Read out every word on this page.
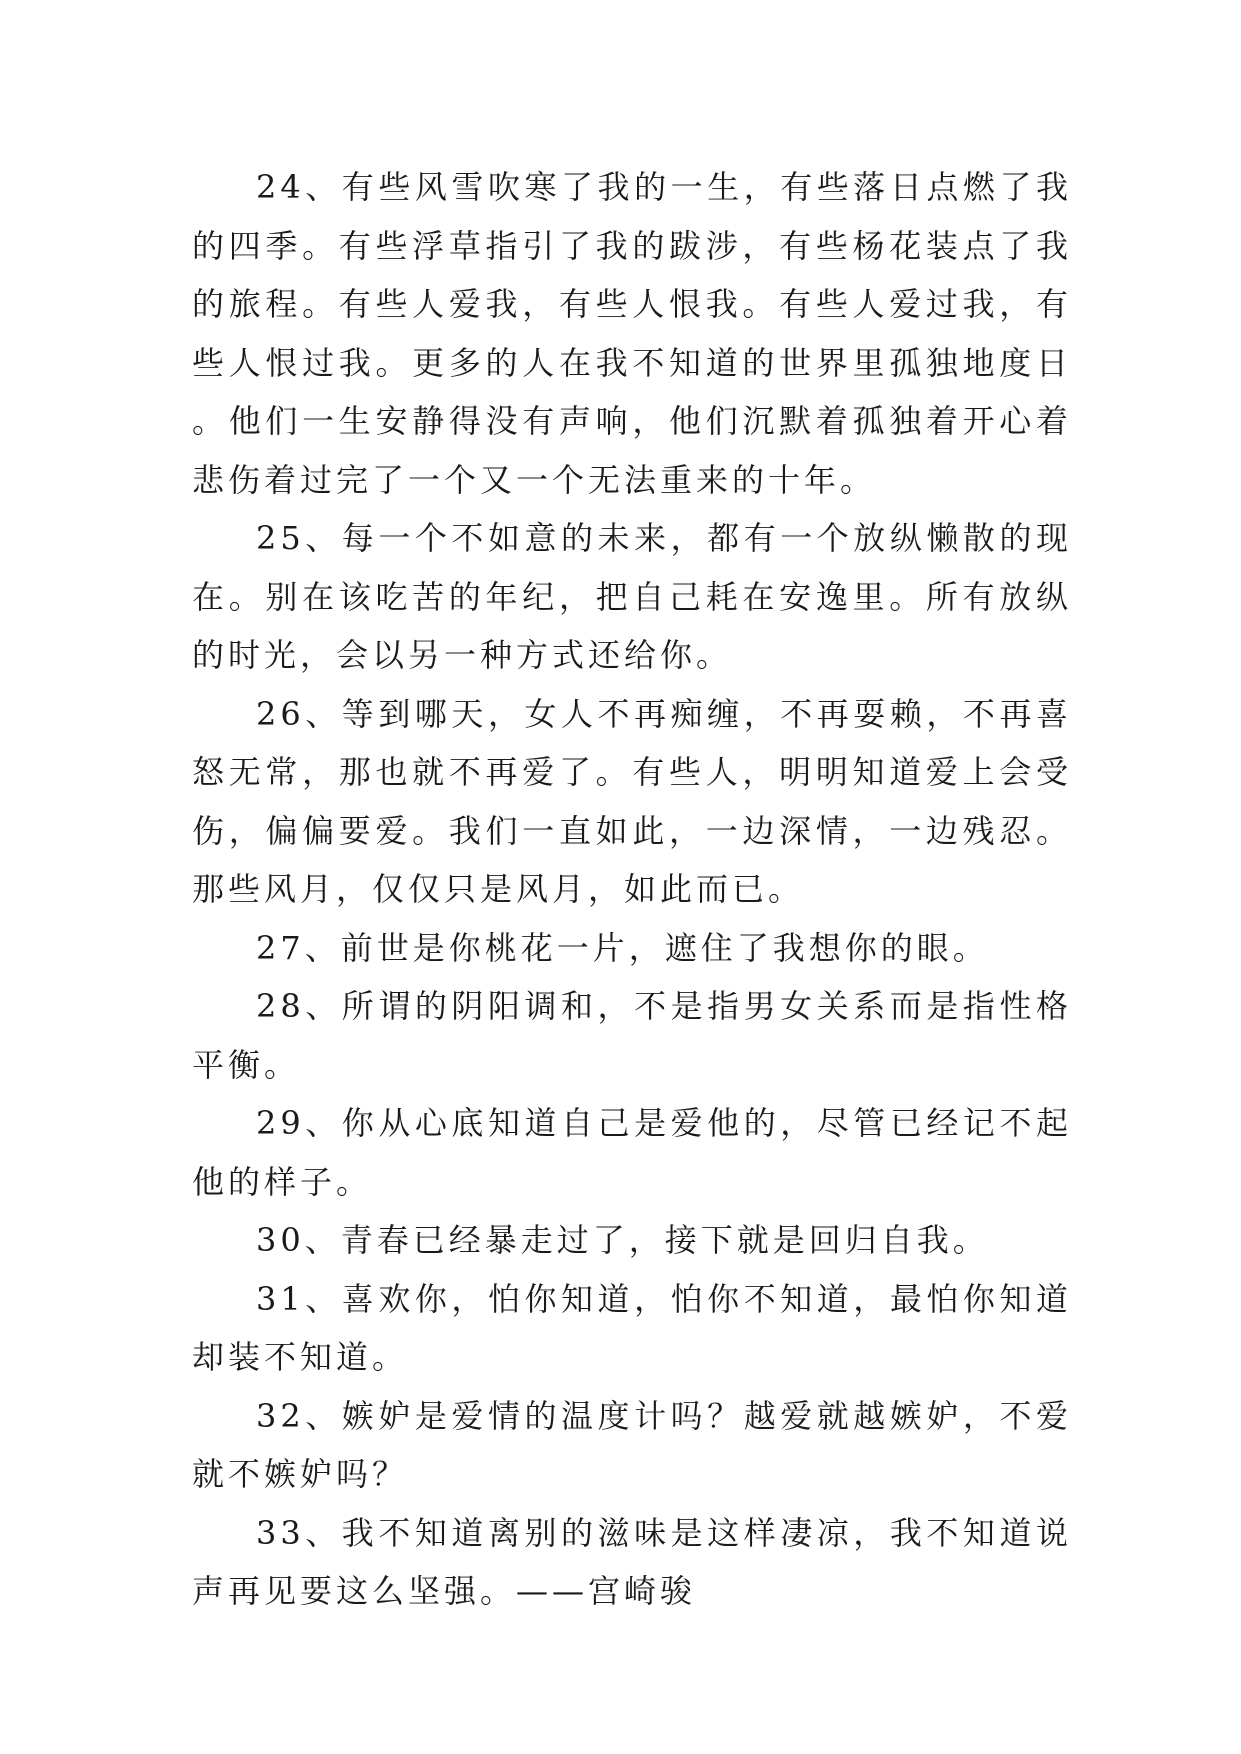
24、有些风雪吹寒了我的一生，有些落日点燃了我的四季。有些浮草指引了我的跋涉，有些杨花装点了我的旅程。有些人爱我，有些人恨我。有些人爱过我，有些人恨过我。更多的人在我不知道的世界里孤独地度日。他们一生安静得没有声响，他们沉默着孤独着开心着悲伤着过完了一个又一个无法重来的十年。

25、每一个不如意的未来，都有一个放纵懒散的现在。别在该吃苦的年纪，把自己耗在安逸里。所有放纵的时光，会以另一种方式还给你。

26、等到哪天，女人不再痴缠，不再耍赖，不再喜怒无常，那也就不再爱了。有些人，明明知道爱上会受伤，偏偏要爱。我们一直如此，一边深情，一边残忍。那些风月，仅仅只是风月，如此而已。

27、前世是你桃花一片，遮住了我想你的眼。

28、所谓的阴阳调和，不是指男女关系而是指性格平衡。

29、你从心底知道自己是爱他的，尽管已经记不起他的样子。

30、青春已经暴走过了，接下就是回归自我。

31、喜欢你，怕你知道，怕你不知道，最怕你知道却装不知道。

32、嫉妒是爱情的温度计吗？越爱就越嫉妒，不爱就不嫉妒吗？

33、我不知道离别的滋味是这样凄凉，我不知道说声再见要这么坚强。——宫崎骏
